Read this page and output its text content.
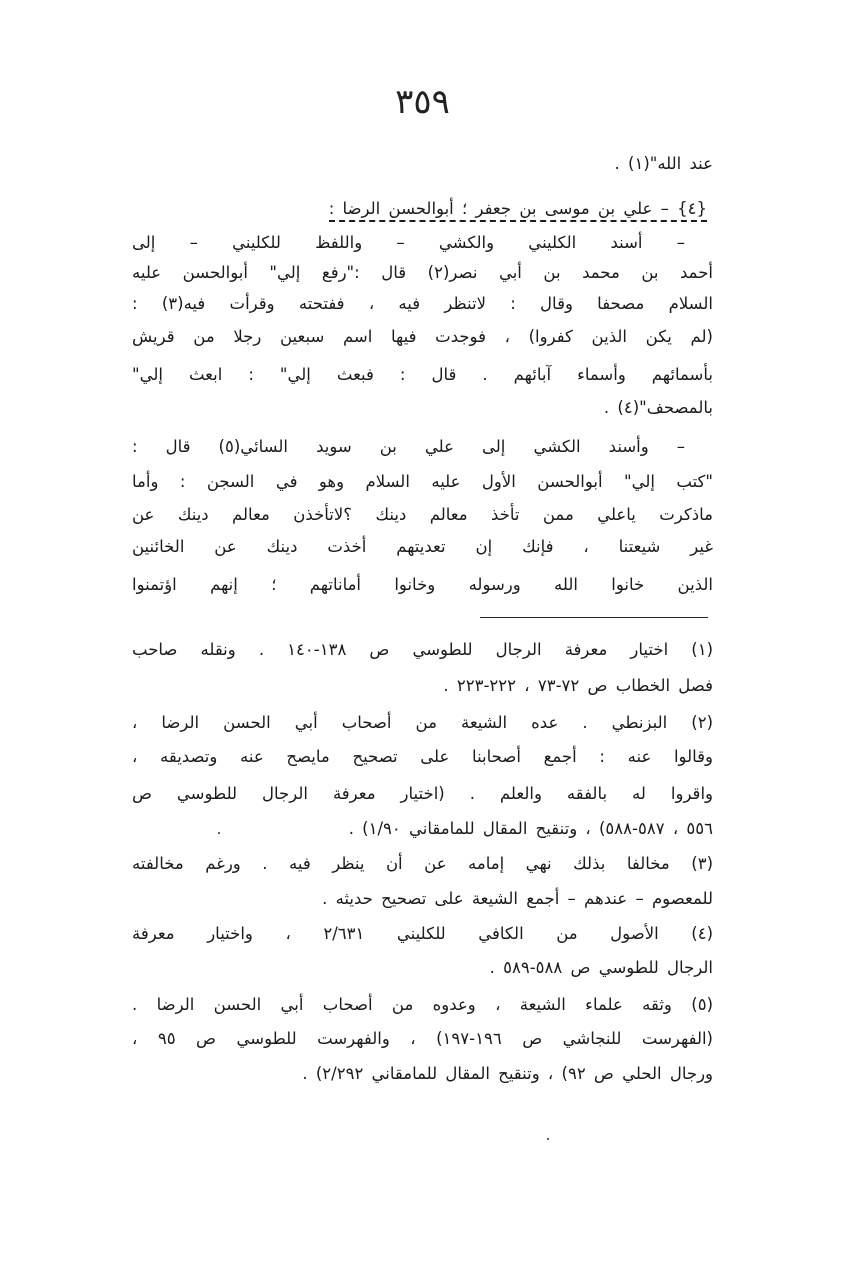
٣٥٩
عند الله"(١) .
{٤} – علي بن موسى بن جعفر ؛ أبوالحسن الرضا :
– أسند الكليني والكشي – واللفظ للكليني – إلى
أحمد بن محمد بن أبي نصر(٢) قال :"رفع إلي" أبوالحسن عليه
السلام مصحفا وقال : لاتنظر فيه ، ففتحته وقرأت فيه(٣) :
(لم يكن الذين كفروا) ، فوجدت فيها اسم سبعين رجلا من قريش
بأسمائهم وأسماء آبائهم . قال : فبعث إلي" : ابعث إلي"
بالمصحف"(٤) .
– وأسند الكشي إلى علي بن سويد السائي(٥) قال :
"كتب إلي" أبوالحسن الأول عليه السلام وهو في السجن : وأما
ماذكرت ياعلي ممن تأخذ معالم دينك ؟لاتأخذن معالم دينك عن
غير شيعتنا ، فإنك إن تعديتهم أخذت دينك عن الخائنين
الذين خانوا الله ورسوله وخانوا أماناتهم ؛ إنهم اؤتمنوا
(١) اختيار معرفة الرجال للطوسي ص ١٣٨-١٤٠ . ونقله صاحب
فصل الخطاب ص ٧٢-٧٣ ، ٢٢٢-٢٢٣ .
(٢) البزنطي . عده الشيعة من أصحاب أبي الحسن الرضا ،
وقالوا عنه : أجمع أصحابنا على تصحيح مايصح عنه وتصديقه ،
واقروا له بالفقه والعلم . (اختيار معرفة الرجال للطوسي ص
٥٥٦ ، ٥٨٧-٥٨٨) ، وتنقيح المقال للمامقاني ١/٩٠) .
(٣) مخالفا بذلك نهي إمامه عن أن ينظر فيه . ورغم مخالفته
للمعصوم – عندهم – أجمع الشيعة على تصحيح حديثه .
(٤) الأصول من الكافي للكليني ٢/٦٣١ ، واختيار معرفة
الرجال للطوسي ص ٥٨٨-٥٨٩ .
(٥) وثقه علماء الشيعة ، وعدوه من أصحاب أبي الحسن الرضا .
(الفهرست للنجاشي ص ١٩٦-١٩٧) ، والفهرست للطوسي ص ٩٥ ،
ورجال الحلي ص ٩٢) ، وتنقيح المقال للمامقاني ٢/٢٩٢) .
